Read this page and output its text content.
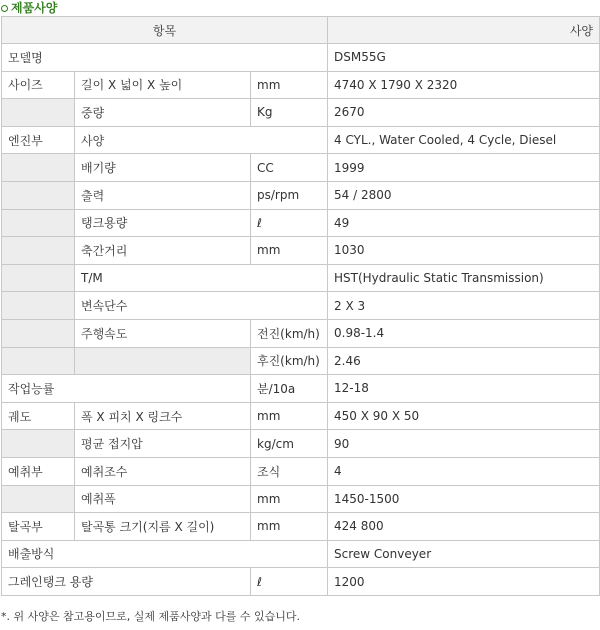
제품사양
항목			사양
모델명			DSM55G
사이즈	길이 X 넓이 X 높이	mm	4740 X 1790 X 2320
	중량	Kg	2670
엔진부	사양		4 CYL., Water Cooled, 4 Cycle, Diesel
	배기량	CC	1999
	출력	ps/rpm	54 / 2800
	탱크용량	ℓ	49
	축간거리	mm	1030
	T/M		HST(Hydraulic Static Transmission)
	변속단수		2 X 3
	주행속도	전진(km/h)	0.98-1.4
		후진(km/h)	2.46
작업능률		분/10a	12-18
궤도	폭 X 피치 X 링크수	mm	450 X 90 X 50
	평균 접지압	kg/cm	90
예취부	예취조수	조식	4
	예취폭	mm	1450-1500
탈곡부	탈곡통 크기(지름 X 길이)	mm	424 800
배출방식			Screw Conveyer
그레인탱크 용량		ℓ	1200
*. 위 사양은 참고용이므로, 실제 제품사양과 다를 수 있습니다.
